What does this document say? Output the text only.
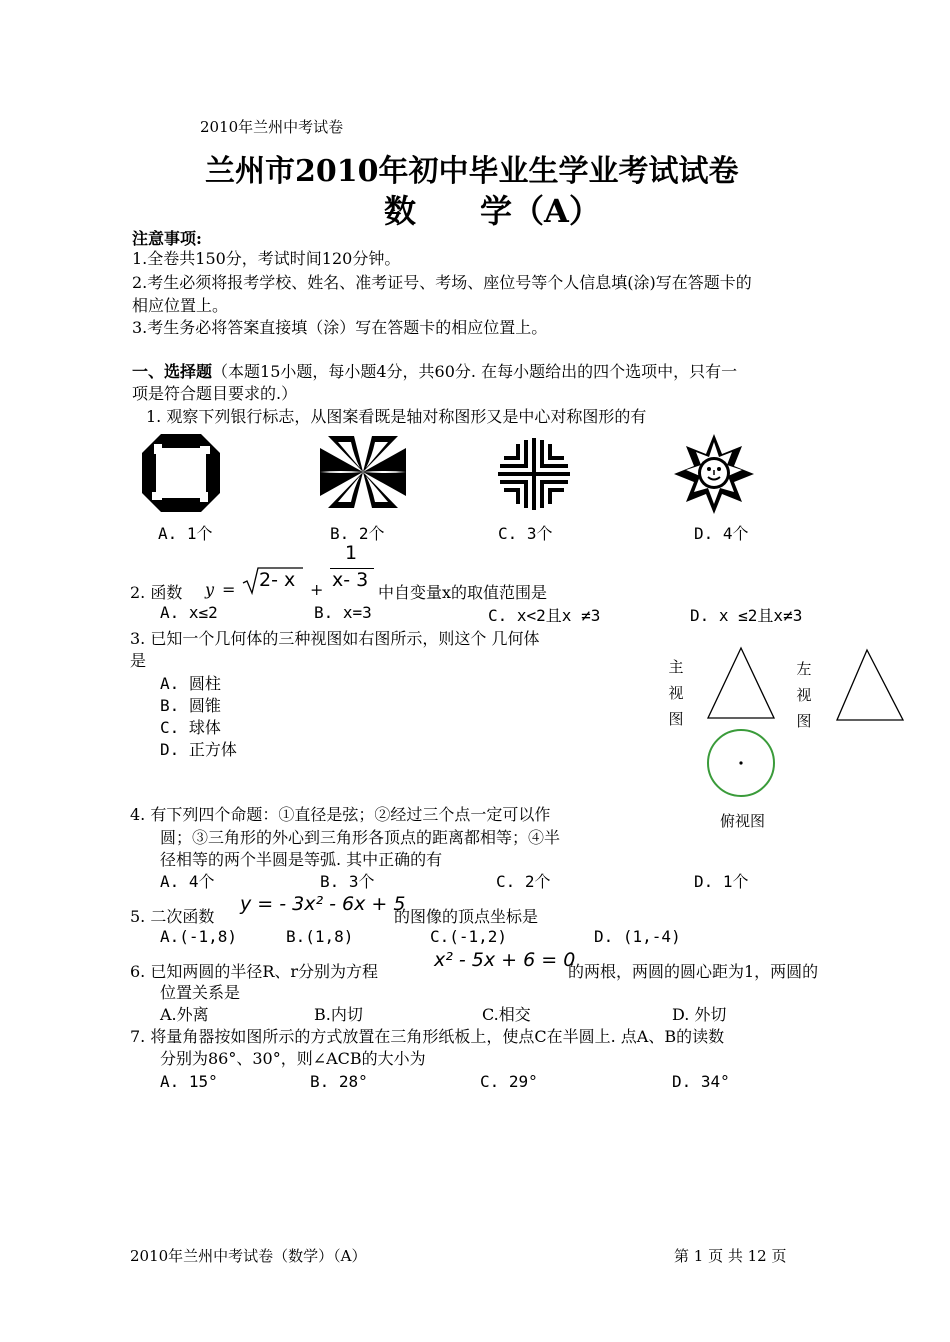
2010年兰州中考试卷
兰州市2010年初中毕业生学业考试试卷
数　　学（A）
注意事项:
1.全卷共150分，考试时间120分钟。
2.考生必须将报考学校、姓名、准考证号、考场、座位号等个人信息填(涂)写在答题卡的
相应位置上。
3.考生务必将答案直接填（涂）写在答题卡的相应位置上。
一、选择题（本题15小题，每小题4分，共60分. 在每小题给出的四个选项中，只有一
项是符合题目要求的.）
1. 观察下列银行标志，从图案看既是轴对称图形又是中心对称图形的有
A. 1个	B. 2个	C. 3个	D. 4个
2. 函数 y = 2- x +
1
x- 3
中自变量x的取值范围是
A. x≤2	B. x=3	C. x<2且x ≠3	D. x ≤2且x≠3
3. 已知一个几何体的三种视图如右图所示，则这个 几何体
是
A. 圆柱
B. 圆锥
C. 球体
D. 正方体
主视图
左视图
俯视图
4. 有下列四个命题：①直径是弦；②经过三个点一定可以作
圆；③三角形的外心到三角形各顶点的距离都相等；④半
径相等的两个半圆是等弧. 其中正确的有
A. 4个	B. 3个	C. 2个	D. 1个
5. 二次函数
y = - 3x² - 6x + 5
的图像的顶点坐标是
A.(-1,8)	B.(1,8)	C.(-1,2)	D. (1,-4)
6. 已知两圆的半径R、r分别为方程
x² - 5x + 6 = 0
的两根，两圆的圆心距为1，两圆的
位置关系是
A.外离	B.内切	C.相交	D. 外切
7. 将量角器按如图所示的方式放置在三角形纸板上，使点C在半圆上. 点A、B的读数
分别为86°、30°，则∠ACB的大小为
A. 15°	B. 28°	C. 29°	D. 34°
2010年兰州中考试卷（数学）（A）	第 1 页 共 12 页
